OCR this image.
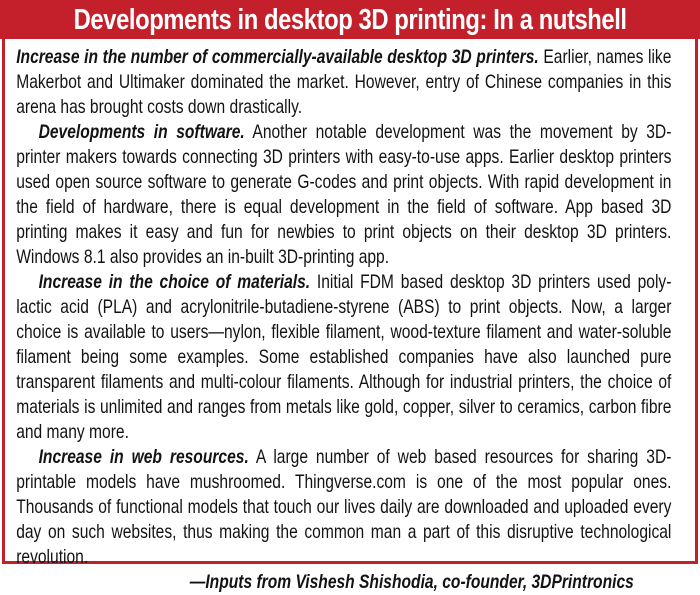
Developments in desktop 3D printing: In a nutshell

Increase in the number of commercially-available desktop 3D printers. Earlier, names like Makerbot and Ultimaker dominated the market. However, entry of Chinese companies in this arena has brought costs down drastically.

Developments in software. Another notable development was the movement by 3D-printer makers towards connecting 3D printers with easy-to-use apps. Earlier desktop printers used open source software to generate G-codes and print objects. With rapid development in the field of hardware, there is equal development in the field of software. App based 3D printing makes it easy and fun for newbies to print objects on their desktop 3D printers. Windows 8.1 also provides an in-built 3D-printing app.

Increase in the choice of materials. Initial FDM based desktop 3D printers used poly-lactic acid (PLA) and acrylonitrile-butadiene-styrene (ABS) to print objects. Now, a larger choice is available to users—nylon, flexible filament, wood-texture filament and water-soluble filament being some examples. Some established companies have also launched pure transparent filaments and multi-colour filaments. Although for industrial printers, the choice of materials is unlimited and ranges from metals like gold, copper, silver to ceramics, carbon fibre and many more.

Increase in web resources. A large number of web based resources for sharing 3D-printable models have mushroomed. Thingverse.com is one of the most popular ones. Thousands of functional models that touch our lives daily are downloaded and uploaded every day on such websites, thus making the common man a part of this disruptive technological revolution.

—Inputs from Vishesh Shishodia, co-founder, 3DPrintronics
